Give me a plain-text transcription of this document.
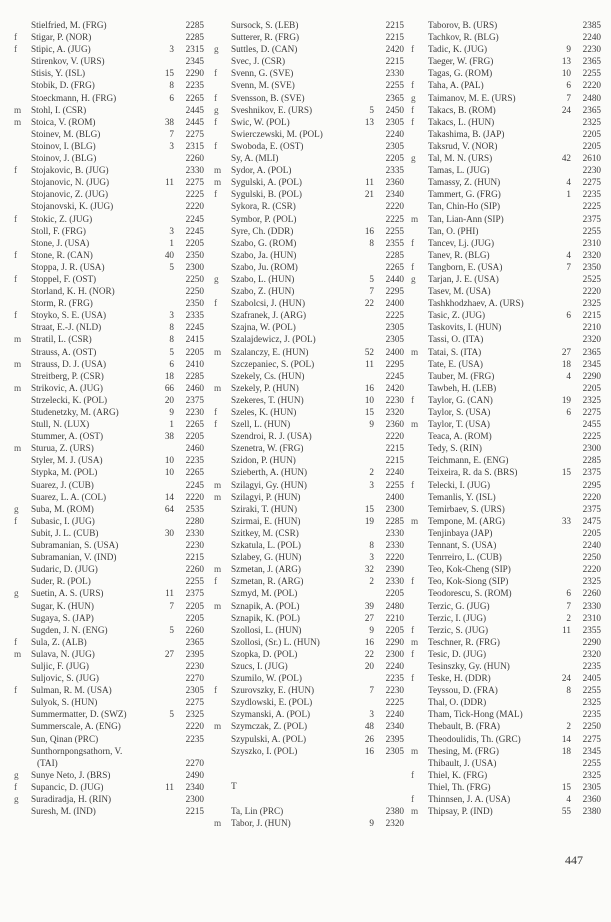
Stielfried, M. (FRG)	2285
f	Stigar, P. (NOR)	2285
f	Stipic, A. (JUG)	3	2315
Stirenkov, V. (URS)	2345
Stisis, Y. (ISL)	15	2290
Stobik, D. (FRG)	8	2235
Stoeckmann, H. (FRG)	6	2265
m	Stohl, I. (CSR)	2445
m	Stoica, V. (ROM)	38	2445
Stoinev, M. (BLG)	7	2275
Stoinov, I. (BLG)	3	2315
Stoinov, J. (BLG)	2260
f	Stojakovic, B. (JUG)	2330
Stojanovic, N. (JUG)	11	2275
Stojanovic, Z. (JUG)	2225
Stojanovski, K. (JUG)	2220
f	Stokic, Z. (JUG)	2245
Stoll, F. (FRG)	3	2245
Stone, J. (USA)	1	2205
f	Stone, R. (CAN)	40	2350
Stoppa, J. R. (USA)	5	2300
f	Stoppel, F. (OST)	2250
Storland, K. H. (NOR)	2250
Storm, R. (FRG)	2350
f	Stoyko, S. E. (USA)	3	2335
Straat, E.-J. (NLD)	8	2245
m	Stratil, L. (CSR)	8	2415
Strauss, A. (OST)	5	2205
m	Strauss, D. J. (USA)	6	2410
Streitberg, P. (CSR)	18	2285
m	Strikovic, A. (JUG)	66	2460
Strzelecki, K. (POL)	20	2375
Studenetzky, M. (ARG)	9	2230
Stull, N. (LUX)	1	2265
Stummer, A. (OST)	38	2205
m	Sturua, Z. (URS)	2460
Styler, M. J. (USA)	10	2235
Stypka, M. (POL)	10	2265
Suarez, J. (CUB)	2245
Suarez, L. A. (COL)	14	2220
g	Suba, M. (ROM)	64	2535
f	Subasic, I. (JUG)	2280
Subit, J. L. (CUB)	30	2330
Subramanian, S. (USA)	2230
Subramanian, V. (IND)	2215
Sudaric, D. (JUG)	2260
Suder, R. (POL)	2255
g	Suetin, A. S. (URS)	11	2375
Sugar, K. (HUN)	7	2205
Sugaya, S. (JAP)	2205
Sugden, J. N. (ENG)	5	2260
f	Sula, Z. (ALB)	2365
m	Sulava, N. (JUG)	27	2395
Suljic, F. (JUG)	2230
Suljovic, S. (JUG)	2270
f	Sulman, R. M. (USA)	2305
Sulyok, S. (HUN)	2275
Summermatter, D. (SWZ)	5	2325
Summerscale, A. (ENG)	2220
Sun, Qinan (PRC)	2235
Sunthornpongsathorn, V.
(TAI)	2270
g	Sunye Neto, J. (BRS)	2490
f	Supancic, D. (JUG)	11	2340
g	Suradiradja, H. (RIN)	2300
Suresh, M. (IND)	2215
Sursock, S. (LEB)	2215
Sutterer, R. (FRG)	2215
g	Suttles, D. (CAN)	2420
Svec, J. (CSR)	2215
f	Svenn, G. (SVE)	2330
Svenn, M. (SVE)	2255
f	Svensson, B. (SVE)	2365
g	Sveshnikov, E. (URS)	5	2450
f	Swic, W. (POL)	13	2305
Swierczewski, M. (POL)	2240
f	Swoboda, E. (OST)	2305
Sy, A. (MLI)	2205
m	Sydor, A. (POL)	2335
m	Sygulski, A. (POL)	11	2360
f	Sygulski, B. (POL)	21	2340
Sykora, R. (CSR)	2220
Symbor, P. (POL)	2225
Syre, Ch. (DDR)	16	2255
Szabo, G. (ROM)	8	2355
Szabo, Ja. (HUN)	2285
Szabo, Ju. (ROM)	2265
g	Szabo, L. (HUN)	5	2440
Szabo, Z. (HUN)	7	2295
f	Szabolcsi, J. (HUN)	22	2400
Szafranek, J. (ARG)	2225
Szajna, W. (POL)	2305
Szalajdewicz, J. (POL)	2305
m	Szalanczy, E. (HUN)	52	2400
Szczepaniec, S. (POL)	11	2295
Szekely, Cs. (HUN)	2245
m	Szekely, P. (HUN)	16	2420
Szekeres, T. (HUN)	10	2230
f	Szeles, K. (HUN)	15	2320
f	Szell, L. (HUN)	9	2360
Szendroi, R. J. (USA)	2220
Szenetra, W. (FRG)	2215
Szidon, P. (HUN)	2215
Szieberth, A. (HUN)	2	2240
m	Szilagyi, Gy. (HUN)	3	2255
m	Szilagyi, P. (HUN)	2400
Sziraki, T. (HUN)	15	2300
Szirmai, E. (HUN)	19	2285
Szitkey, M. (CSR)	2330
Szkatula, L. (POL)	8	2330
Szlabey, G. (HUN)	3	2220
m	Szmetan, J. (ARG)	32	2390
f	Szmetan, R. (ARG)	2	2330
Szmyd, M. (POL)	2205
m	Sznapik, A. (POL)	39	2480
Sznapik, K. (POL)	27	2210
Szollosi, L. (HUN)	9	2205
Szollosi, (Sr.) L. (HUN)	16	2290
Szopka, D. (POL)	22	2300
Szucs, I. (JUG)	20	2240
Szumilo, W. (POL)	2235
f	Szurovszky, E. (HUN)	7	2230
Szydlowski, E. (POL)	2225
Szymanski, A. (POL)	3	2240
m	Szymczak, Z. (POL)	48	2340
Szypulski, A. (POL)	26	2395
Szyszko, I. (POL)	16	2305
T
Ta, Lin (PRC)	2380
m	Tabor, J. (HUN)	9	2320
Taborov, B. (URS)	2385
Tachkov, R. (BLG)	2240
f	Tadic, K. (JUG)	9	2230
Taeger, W. (FRG)	13	2365
Tagas, G. (ROM)	10	2255
f	Taha, A. (PAL)	6	2220
g	Taimanov, M. E. (URS)	7	2480
f	Takacs, B. (ROM)	24	2365
f	Takacs, L. (HUN)	2325
Takashima, B. (JAP)	2205
Taksrud, V. (NOR)	2205
g	Tal, M. N. (URS)	42	2610
Tamas, L. (JUG)	2230
Tamassy, Z. (HUN)	4	2275
Tammert, G. (FRG)	1	2235
Tan, Chin-Ho (SIP)	2225
m	Tan, Lian-Ann (SIP)	2375
Tan, O. (PHI)	2255
f	Tancev, Lj. (JUG)	2310
Tanev, R. (BLG)	4	2320
f	Tangborn, E. (USA)	7	2350
g	Tarjan, J. E. (USA)	2525
Tasev, M. (USA)	2220
Tashkhodzhaev, A. (URS)	2325
Tasic, Z. (JUG)	6	2215
Taskovits, I. (HUN)	2210
Tassi, O. (ITA)	2320
m	Tatai, S. (ITA)	27	2365
Tate, E. (USA)	18	2345
Tauber, M. (FRG)	4	2290
Tawbeh, H. (LEB)	2205
f	Taylor, G. (CAN)	19	2325
Taylor, S. (USA)	6	2275
m	Taylor, T. (USA)	2455
Teaca, A. (ROM)	2225
Tedy, S. (RIN)	2300
Teichmann, E. (ENG)	2285
Teixeira, R. da S. (BRS)	15	2375
f	Telecki, I. (JUG)	2295
Temanlis, Y. (ISL)	2220
Temirbaev, S. (URS)	2375
m	Tempone, M. (ARG)	33	2475
Tenjinbaya (JAP)	2205
Tennant, S. (USA)	2240
Tenrreiro, L. (CUB)	2250
Teo, Kok-Cheng (SIP)	2220
f	Teo, Kok-Siong (SIP)	2325
Teodorescu, S. (ROM)	6	2260
Terzic, G. (JUG)	7	2330
Terzic, I. (JUG)	2	2310
f	Terzic, S. (JUG)	11	2355
m	Teschner, R. (FRG)	2290
f	Tesic, D. (JUG)	2320
Tesinszky, Gy. (HUN)	2235
f	Teske, H. (DDR)	24	2405
Teyssou, D. (FRA)	8	2255
Thal, O. (DDR)	2325
Tham, Tick-Hong (MAL)	2235
Thebault, B. (FRA)	2	2250
Theodoulidis, Th. (GRC)	14	2275
m	Thesing, M. (FRG)	18	2345
Thibault, J. (USA)	2255
f	Thiel, K. (FRG)	2325
Thiel, Th. (FRG)	15	2305
f	Thinnsen, J. A. (USA)	4	2360
m	Thipsay, P. (IND)	55	2380
447
